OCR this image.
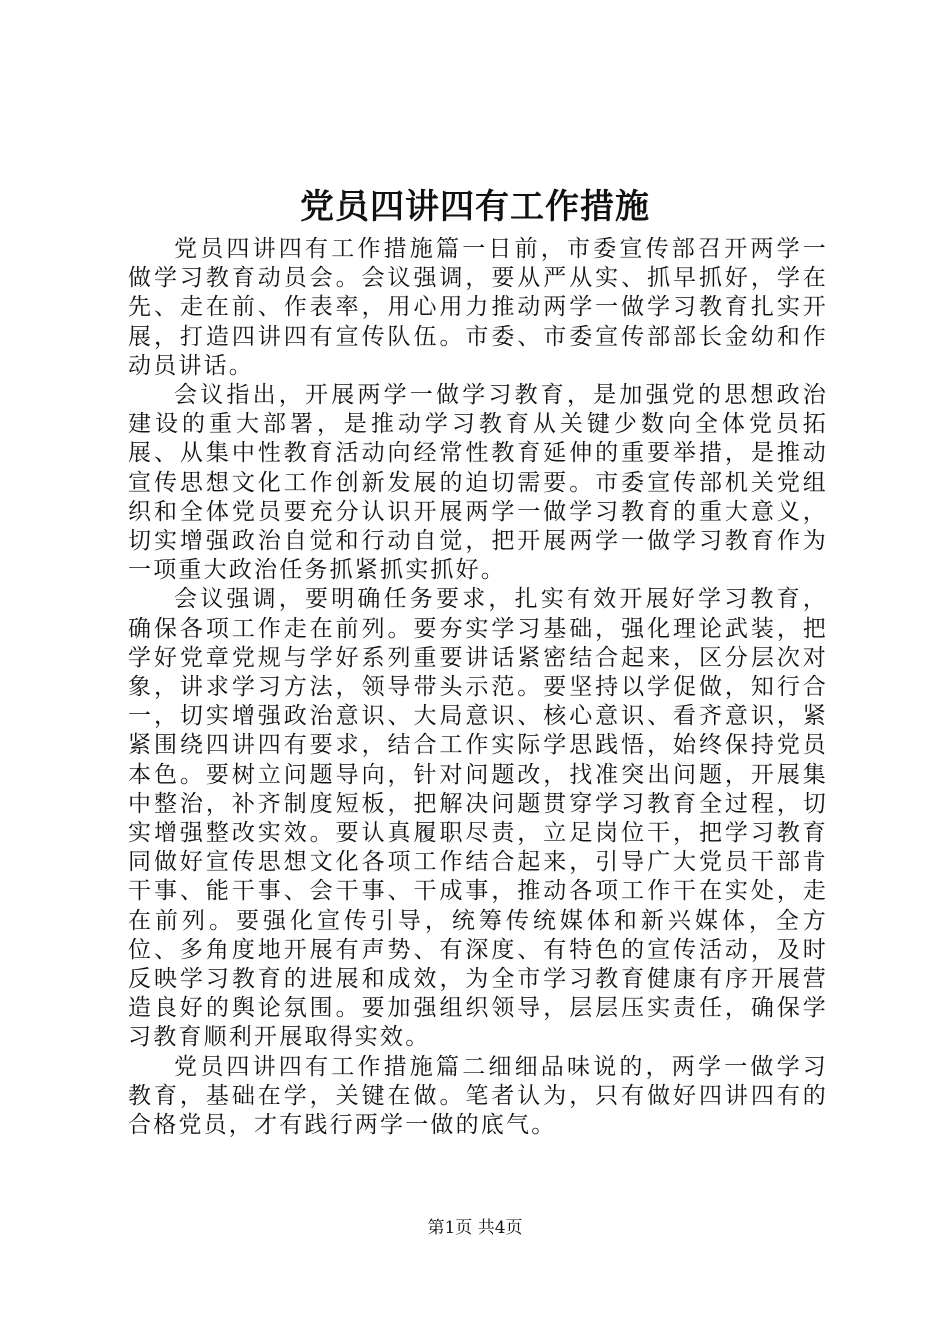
党员四讲四有工作措施

党员四讲四有工作措施篇一日前，市委宣传部召开两学一做学习教育动员会。会议强调，要从严从实、抓早抓好，学在先、走在前、作表率，用心用力推动两学一做学习教育扎实开展，打造四讲四有宣传队伍。市委、市委宣传部部长金幼和作动员讲话。

会议指出，开展两学一做学习教育，是加强党的思想政治建设的重大部署，是推动学习教育从关键少数向全体党员拓展、从集中性教育活动向经常性教育延伸的重要举措，是推动宣传思想文化工作创新发展的迫切需要。市委宣传部机关党组织和全体党员要充分认识开展两学一做学习教育的重大意义，切实增强政治自觉和行动自觉，把开展两学一做学习教育作为一项重大政治任务抓紧抓实抓好。

会议强调，要明确任务要求，扎实有效开展好学习教育，确保各项工作走在前列。要夯实学习基础，强化理论武装，把学好党章党规与学好系列重要讲话紧密结合起来，区分层次对象，讲求学习方法，领导带头示范。要坚持以学促做，知行合一，切实增强政治意识、大局意识、核心意识、看齐意识，紧紧围绕四讲四有要求，结合工作实际学思践悟，始终保持党员本色。要树立问题导向，针对问题改，找准突出问题，开展集中整治，补齐制度短板，把解决问题贯穿学习教育全过程，切实增强整改实效。要认真履职尽责，立足岗位干，把学习教育同做好宣传思想文化各项工作结合起来，引导广大党员干部肯干事、能干事、会干事、干成事，推动各项工作干在实处，走在前列。要强化宣传引导，统筹传统媒体和新兴媒体，全方位、多角度地开展有声势、有深度、有特色的宣传活动，及时反映学习教育的进展和成效，为全市学习教育健康有序开展营造良好的舆论氛围。要加强组织领导，层层压实责任，确保学习教育顺利开展取得实效。

党员四讲四有工作措施篇二细细品味说的，两学一做学习教育，基础在学，关键在做。笔者认为，只有做好四讲四有的合格党员，才有践行两学一做的底气。

第1页 共4页
